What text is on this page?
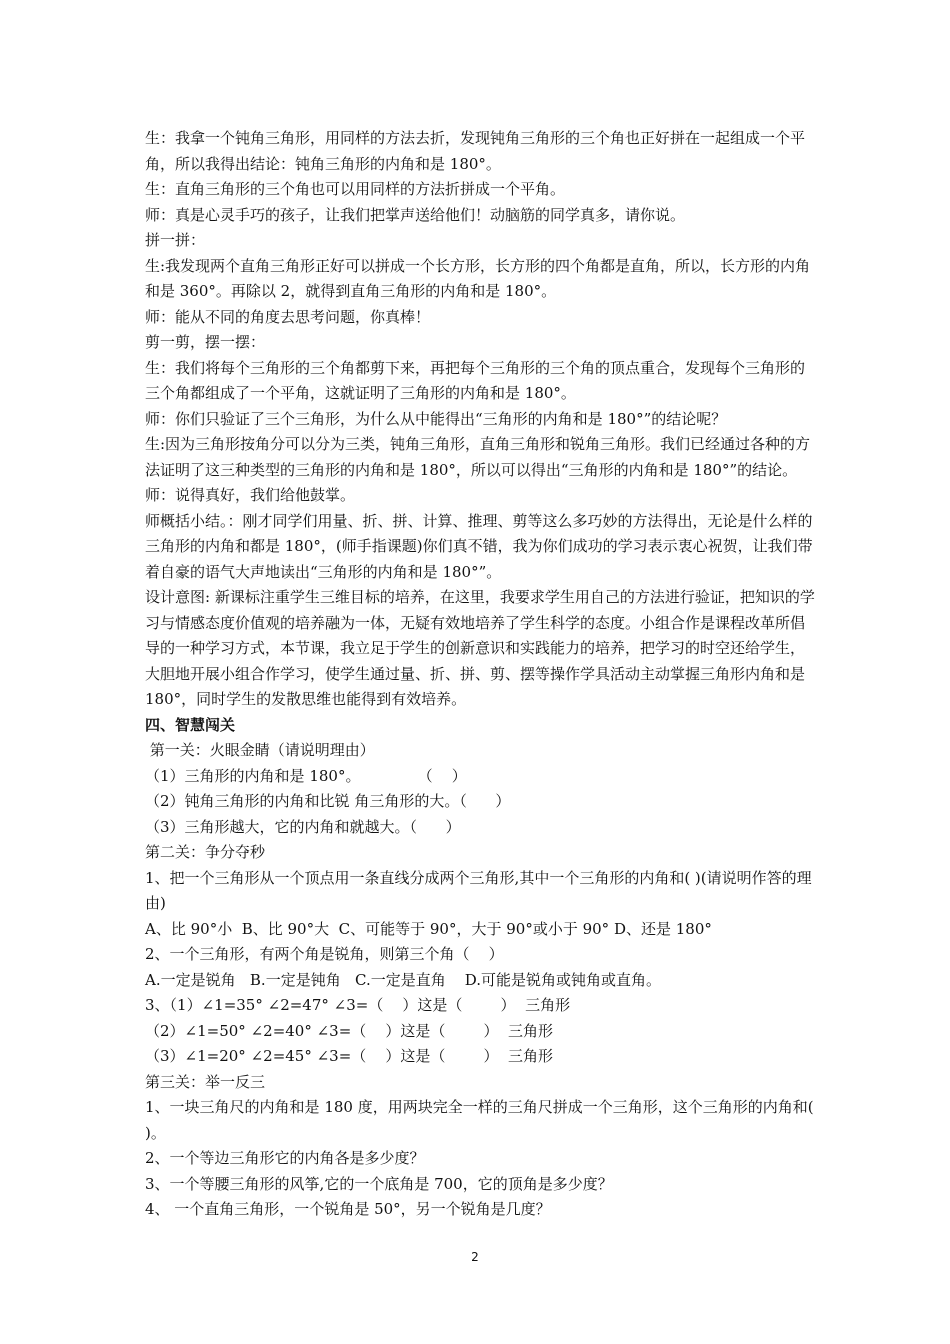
生：我拿一个钝角三角形，用同样的方法去折，发现钝角三角形的三个角也正好拼在一起组成一个平角，所以我得出结论：钝角三角形的内角和是 180°。

生：直角三角形的三个角也可以用同样的方法折拼成一个平角。

师：真是心灵手巧的孩子，让我们把掌声送给他们！动脑筋的同学真多，请你说。

拼一拼：

生:我发现两个直角三角形正好可以拼成一个长方形，长方形的四个角都是直角，所以，长方形的内角和是 360°。再除以 2，就得到直角三角形的内角和是 180°。

师：能从不同的角度去思考问题，你真棒！

剪一剪，摆一摆：

生：我们将每个三角形的三个角都剪下来，再把每个三角形的三个角的顶点重合，发现每个三角形的三个角都组成了一个平角，这就证明了三角形的内角和是 180°。

师：你们只验证了三个三角形，为什么从中能得出“三角形的内角和是 180°”的结论呢？

生:因为三角形按角分可以分为三类，钝角三角形，直角三角形和锐角三角形。我们已经通过各种的方法证明了这三种类型的三角形的内角和是 180°，所以可以得出“三角形的内角和是 180°”的结论。

师：说得真好，我们给他鼓掌。

师概括小结。：刚才同学们用量、折、拼、计算、推理、剪等这么多巧妙的方法得出，无论是什么样的三角形的内角和都是 180°，(师手指课题)你们真不错，我为你们成功的学习表示衷心祝贺，让我们带着自豪的语气大声地读出“三角形的内角和是 180°”。

设计意图: 新课标注重学生三维目标的培养，在这里，我要求学生用自己的方法进行验证，把知识的学习与情感态度价值观的培养融为一体，无疑有效地培养了学生科学的态度。小组合作是课程改革所倡导的一种学习方式，本节课，我立足于学生的创新意识和实践能力的培养，把学习的时空还给学生，大胆地开展小组合作学习，使学生通过量、折、拼、剪、摆等操作学具活动主动掌握三角形内角和是 180°，同时学生的发散思维也能得到有效培养。

四、智慧闯关

第一关：火眼金睛（请说明理由）

（1）三角形的内角和是 180°。            （    ）

（2）钝角三角形的内角和比锐 角三角形的大。（      ）

（3）三角形越大，它的内角和就越大。（      ）

第二关：争分夺秒

1、把一个三角形从一个顶点用一条直线分成两个三角形,其中一个三角形的内角和( )(请说明作答的理由)

A、比 90°小  B、比 90°大  C、可能等于 90°，大于 90°或小于 90° D、还是 180°

2、一个三角形，有两个角是锐角，则第三个角（    ）

A.一定是锐角   B.一定是钝角   C.一定是直角    D.可能是锐角或钝角或直角。

3、（1）∠1=35° ∠2=47° ∠3=（    ）这是（        ）  三角形

（2）∠1=50° ∠2=40° ∠3=（    ）这是（        ）  三角形

（3）∠1=20° ∠2=45° ∠3=（    ）这是（        ）  三角形

第三关：举一反三

1、一块三角尺的内角和是 180 度，用两块完全一样的三角尺拼成一个三角形，这个三角形的内角和(       )。

2、一个等边三角形它的内角各是多少度？

3、一个等腰三角形的风筝,它的一个底角是 700，它的顶角是多少度？

4、 一个直角三角形，一个锐角是 50°，另一个锐角是几度？

2
